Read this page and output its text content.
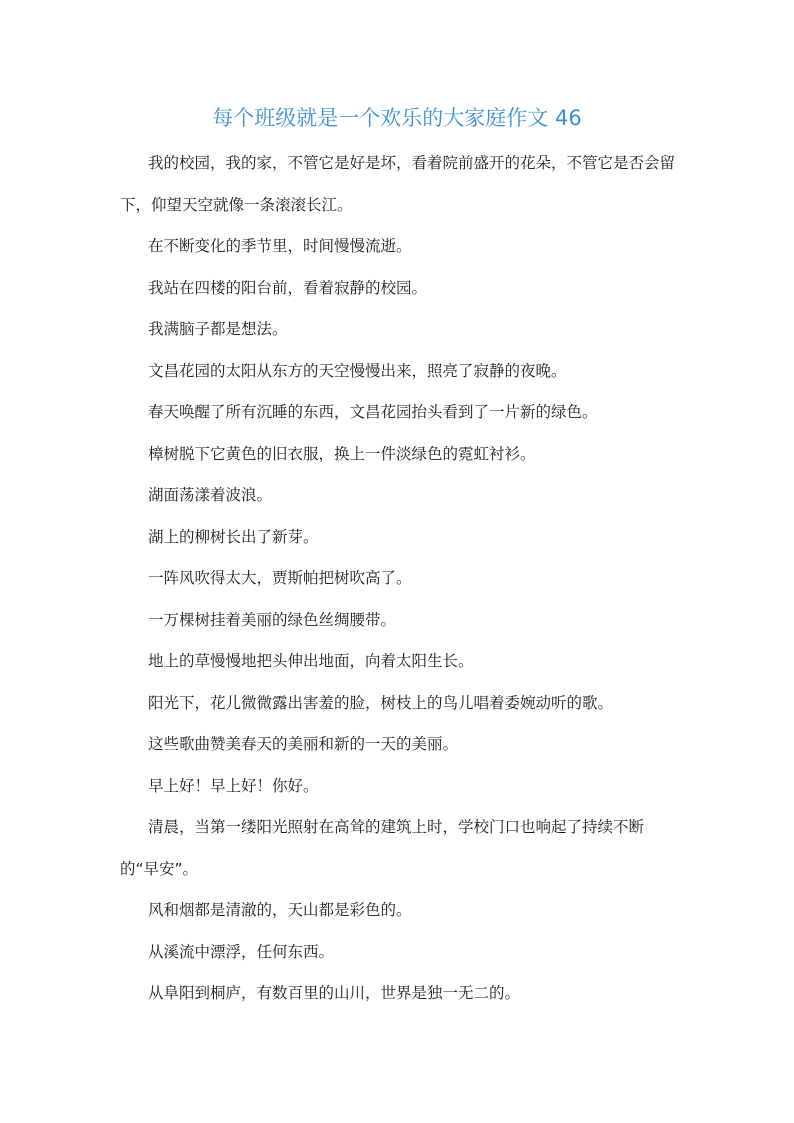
每个班级就是一个欢乐的大家庭作文 46

我的校园，我的家，不管它是好是坏，看着院前盛开的花朵，不管它是否会留下，仰望天空就像一条滚滚长江。

在不断变化的季节里，时间慢慢流逝。

我站在四楼的阳台前，看着寂静的校园。

我满脑子都是想法。

文昌花园的太阳从东方的天空慢慢出来，照亮了寂静的夜晚。

春天唤醒了所有沉睡的东西，文昌花园抬头看到了一片新的绿色。

樟树脱下它黄色的旧衣服，换上一件淡绿色的霓虹衬衫。

湖面荡漾着波浪。

湖上的柳树长出了新芽。

一阵风吹得太大，贾斯帕把树吹高了。

一万棵树挂着美丽的绿色丝绸腰带。

地上的草慢慢地把头伸出地面，向着太阳生长。

阳光下，花儿微微露出害羞的脸，树枝上的鸟儿唱着委婉动听的歌。

这些歌曲赞美春天的美丽和新的一天的美丽。

早上好！早上好！你好。

清晨，当第一缕阳光照射在高耸的建筑上时，学校门口也响起了持续不断的“早安”。

风和烟都是清澈的，天山都是彩色的。

从溪流中漂浮，任何东西。

从阜阳到桐庐，有数百里的山川，世界是独一无二的。
